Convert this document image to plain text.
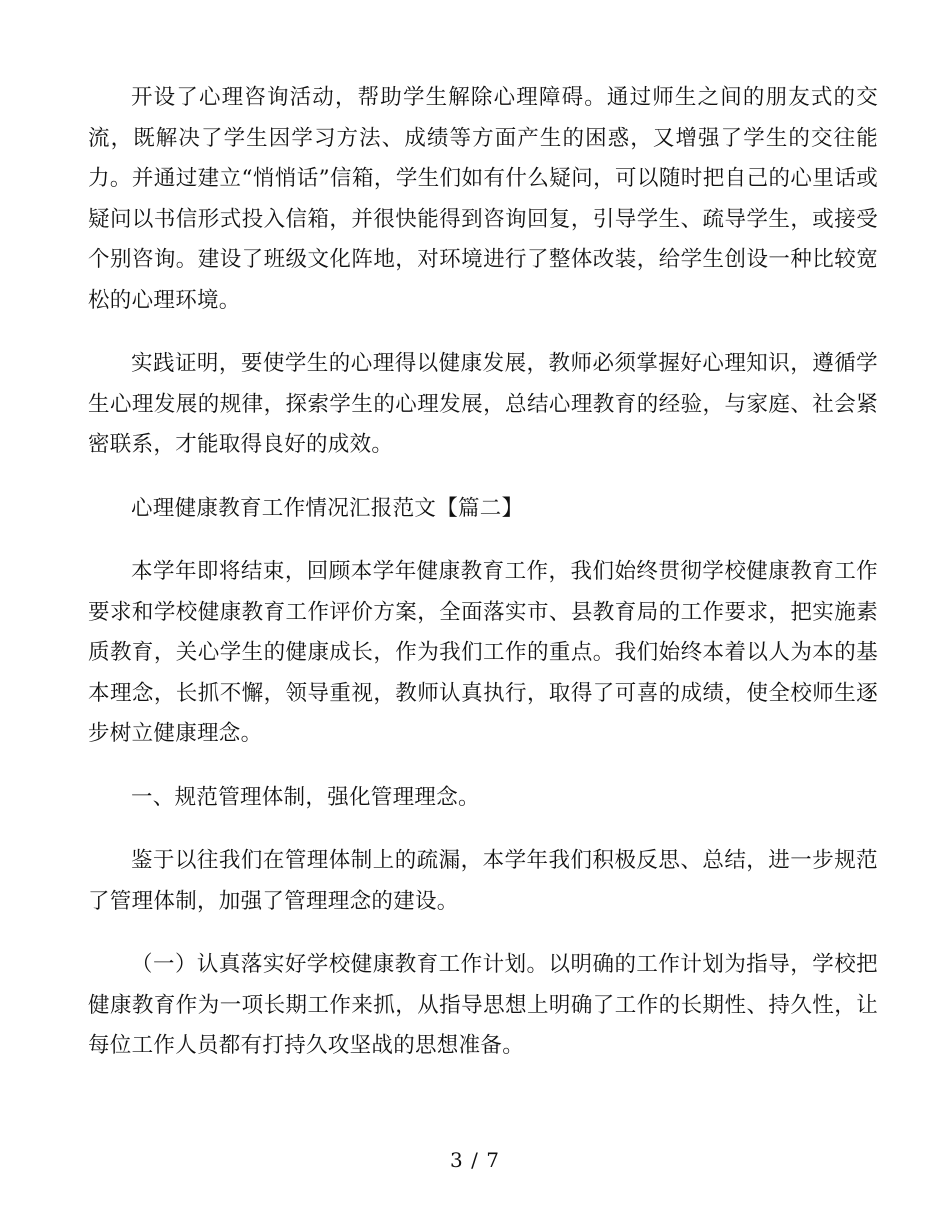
开设了心理咨询活动，帮助学生解除心理障碍。通过师生之间的朋友式的交流，既解决了学生因学习方法、成绩等方面产生的困惑，又增强了学生的交往能力。并通过建立“悄悄话”信箱，学生们如有什么疑问，可以随时把自己的心里话或疑问以书信形式投入信箱，并很快能得到咨询回复，引导学生、疏导学生，或接受个别咨询。建设了班级文化阵地，对环境进行了整体改装，给学生创设一种比较宽松的心理环境。

实践证明，要使学生的心理得以健康发展，教师必须掌握好心理知识，遵循学生心理发展的规律，探索学生的心理发展，总结心理教育的经验，与家庭、社会紧密联系，才能取得良好的成效。

心理健康教育工作情况汇报范文【篇二】

本学年即将结束，回顾本学年健康教育工作，我们始终贯彻学校健康教育工作要求和学校健康教育工作评价方案，全面落实市、县教育局的工作要求，把实施素质教育，关心学生的健康成长，作为我们工作的重点。我们始终本着以人为本的基本理念，长抓不懈，领导重视，教师认真执行，取得了可喜的成绩，使全校师生逐步树立健康理念。

一、规范管理体制，强化管理理念。

鉴于以往我们在管理体制上的疏漏，本学年我们积极反思、总结，进一步规范了管理体制，加强了管理理念的建设。

（一）认真落实好学校健康教育工作计划。以明确的工作计划为指导，学校把健康教育作为一项长期工作来抓，从指导思想上明确了工作的长期性、持久性，让每位工作人员都有打持久攻坚战的思想准备。

3 / 7
